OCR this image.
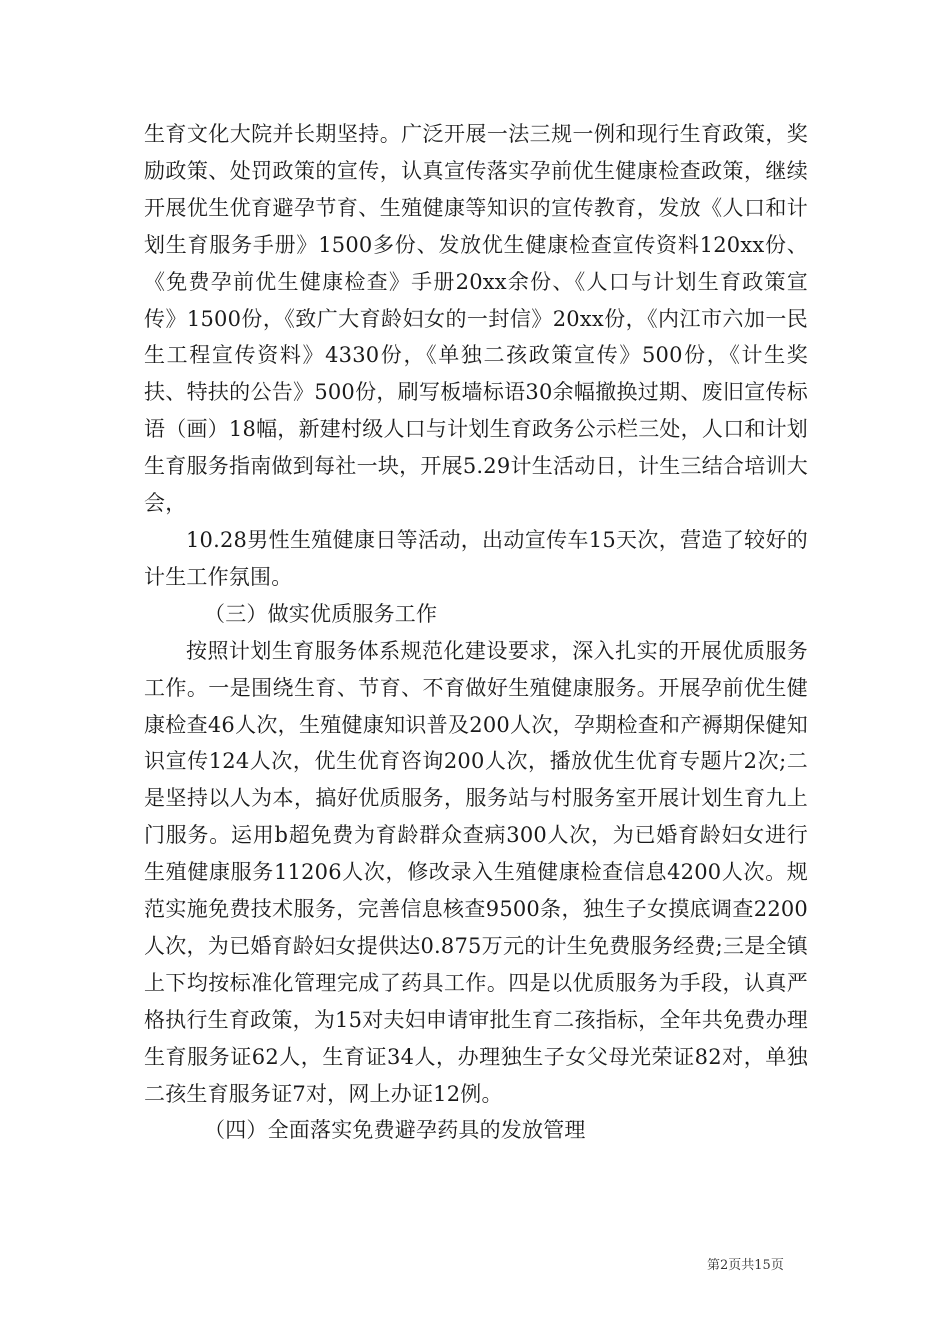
生育文化大院并长期坚持。广泛开展一法三规一例和现行生育政策，奖励政策、处罚政策的宣传，认真宣传落实孕前优生健康检查政策，继续开展优生优育避孕节育、生殖健康等知识的宣传教育，发放《人口和计划生育服务手册》1500多份、发放优生健康检查宣传资料120xx份、《免费孕前优生健康检查》手册20xx余份、《人口与计划生育政策宣传》1500份，《致广大育龄妇女的一封信》20xx份，《内江市六加一民生工程宣传资料》4330份，《单独二孩政策宣传》500份，《计生奖扶、特扶的公告》500份，刷写板墙标语30余幅撤换过期、废旧宣传标语（画）18幅，新建村级人口与计划生育政务公示栏三处，人口和计划生育服务指南做到每社一块，开展5.29计生活动日，计生三结合培训大会，

10.28男性生殖健康日等活动，出动宣传车15天次，营造了较好的计生工作氛围。

（三）做实优质服务工作

按照计划生育服务体系规范化建设要求，深入扎实的开展优质服务工作。一是围绕生育、节育、不育做好生殖健康服务。开展孕前优生健康检查46人次，生殖健康知识普及200人次，孕期检查和产褥期保健知识宣传124人次，优生优育咨询200人次，播放优生优育专题片2次;二是坚持以人为本，搞好优质服务，服务站与村服务室开展计划生育九上门服务。运用b超免费为育龄群众查病300人次，为已婚育龄妇女进行生殖健康服务11206人次，修改录入生殖健康检查信息4200人次。规范实施免费技术服务，完善信息核查9500条，独生子女摸底调查2200人次，为已婚育龄妇女提供达0.875万元的计生免费服务经费;三是全镇上下均按标准化管理完成了药具工作。四是以优质服务为手段，认真严格执行生育政策，为15对夫妇申请审批生育二孩指标，全年共免费办理生育服务证62人，生育证34人，办理独生子女父母光荣证82对，单独二孩生育服务证7对，网上办证12例。

（四）全面落实免费避孕药具的发放管理

第2页共15页
